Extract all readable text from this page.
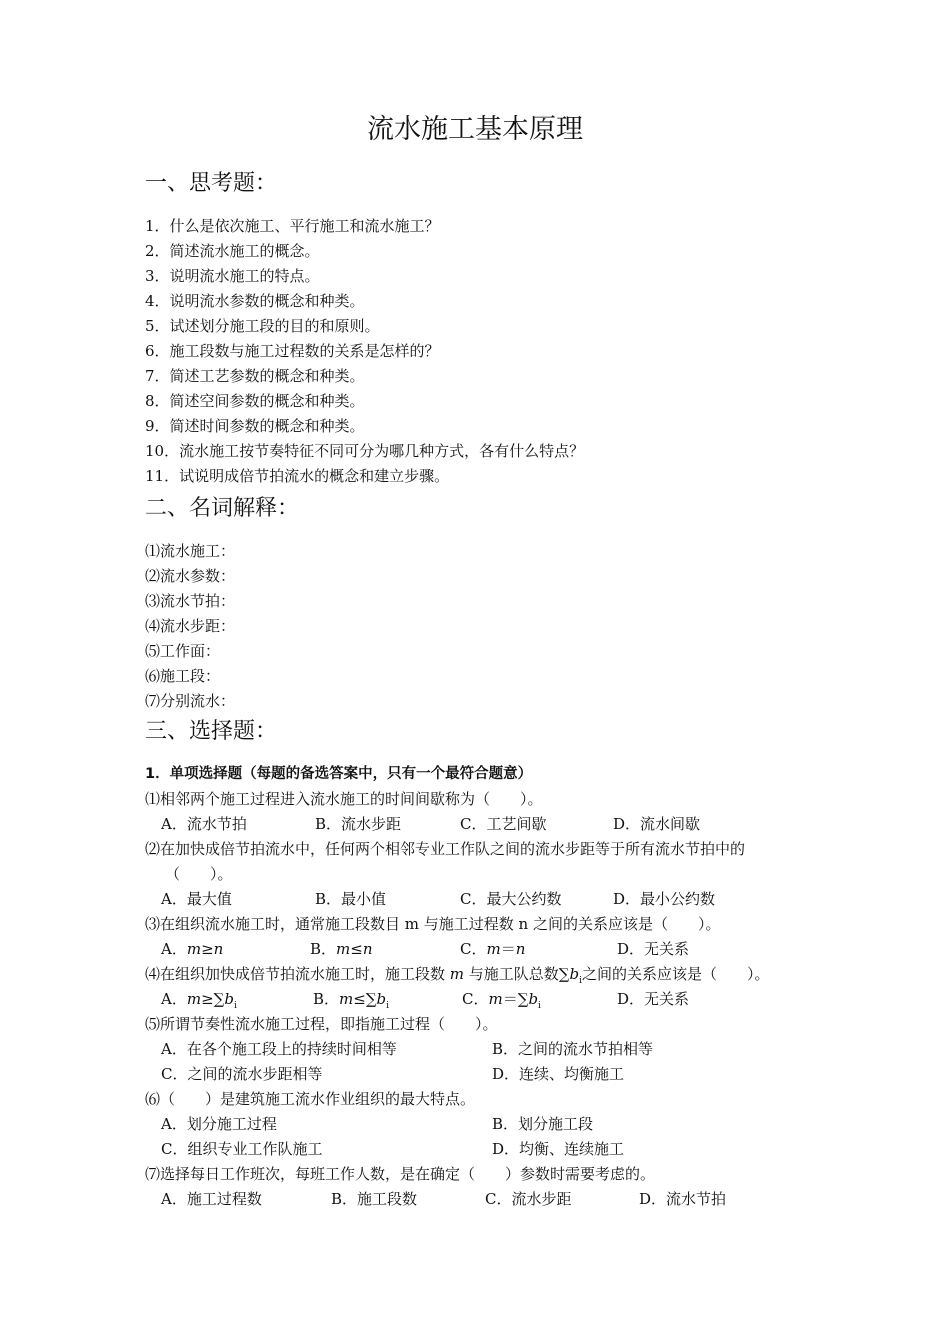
流水施工基本原理
一、思考题：
1．什么是依次施工、平行施工和流水施工？
2．简述流水施工的概念。
3．说明流水施工的特点。
4．说明流水参数的概念和种类。
5．试述划分施工段的目的和原则。
6．施工段数与施工过程数的关系是怎样的？
7．简述工艺参数的概念和种类。
8．简述空间参数的概念和种类。
9．简述时间参数的概念和种类。
10．流水施工按节奏特征不同可分为哪几种方式，各有什么特点？
11．试说明成倍节拍流水的概念和建立步骤。
二、名词解释：
⑴流水施工：
⑵流水参数：
⑶流水节拍：
⑷流水步距：
⑸工作面：
⑹施工段：
⑺分别流水：
三、选择题：
1．单项选择题（每题的备选答案中，只有一个最符合题意）
⑴相邻两个施工过程进入流水施工的时间间歇称为（　　）。
A．流水节拍	B．流水步距	C．工艺间歇	D．流水间歇
⑵在加快成倍节拍流水中，任何两个相邻专业工作队之间的流水步距等于所有流水节拍中的
（　　）。
A．最大值	B．最小值	C．最大公约数	D．最小公约数
⑶在组织流水施工时，通常施工段数目 m 与施工过程数 n 之间的关系应该是（　　）。
A．m≥n	B．m≤n	C．m＝n	D．无关系
⑷在组织加快成倍节拍流水施工时，施工段数 m 与施工队总数$\sum b_i$之间的关系应该是（　　）。
A．$m\ge\sum b_i$	B．$m\le\sum b_i$	C．$m=\sum b_i$	D．无关系
⑸所谓节奏性流水施工过程，即指施工过程（　　）。
A．在各个施工段上的持续时间相等	B．之间的流水节拍相等
C．之间的流水步距相等	D．连续、均衡施工
⑹（　　）是建筑施工流水作业组织的最大特点。
A．划分施工过程	B．划分施工段
C．组织专业工作队施工	D．均衡、连续施工
⑺选择每日工作班次，每班工作人数，是在确定（　　）参数时需要考虑的。
A．施工过程数	B．施工段数	C．流水步距	D．流水节拍
